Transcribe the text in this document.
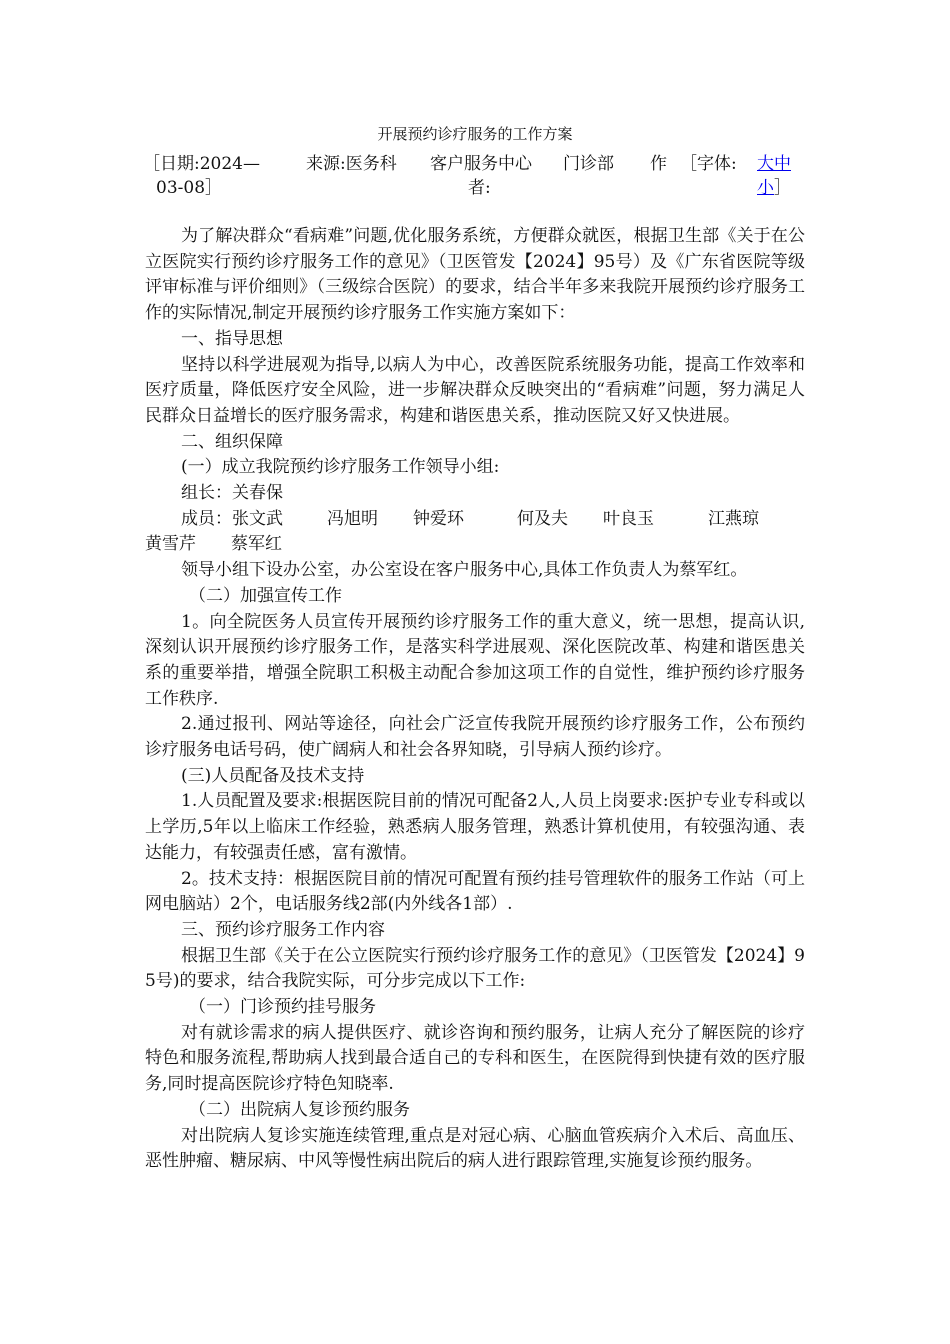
开展预约诊疗服务的工作方案
［日期:2024—
03-08］
来源:医务科 客户服务中心 门诊部 作
者:
［字体: 大中
小］

为了解决群众“看病难”问题,优化服务系统，方便群众就医，根据卫生部《关于在公立医院实行预约诊疗服务工作的意见》（卫医管发【2024】95号）及《广东省医院等级评审标准与评价细则》（三级综合医院）的要求，结合半年多来我院开展预约诊疗服务工作的实际情况,制定开展预约诊疗服务工作实施方案如下：

一、指导思想

坚持以科学进展观为指导,以病人为中心，改善医院系统服务功能，提高工作效率和医疗质量，降低医疗安全风险，进一步解决群众反映突出的“看病难”问题，努力满足人民群众日益增长的医疗服务需求，构建和谐医患关系，推动医院又好又快进展。

二、组织保障

(一）成立我院预约诊疗服务工作领导小组:

组长：关春保

成员：张文武	冯旭明 钟爱环	何及夫 叶良玉	江燕琼
黄雪芹 蔡军红

领导小组下设办公室，办公室设在客户服务中心,具体工作负责人为蔡军红。

（二）加强宣传工作

1。向全院医务人员宣传开展预约诊疗服务工作的重大意义，统一思想，提高认识,深刻认识开展预约诊疗服务工作，是落实科学进展观、深化医院改革、构建和谐医患关系的重要举措，增强全院职工积极主动配合参加这项工作的自觉性，维护预约诊疗服务工作秩序.

2.通过报刊、网站等途径，向社会广泛宣传我院开展预约诊疗服务工作，公布预约诊疗服务电话号码，使广阔病人和社会各界知晓，引导病人预约诊疗。

(三)人员配备及技术支持

1.人员配置及要求:根据医院目前的情况可配备2人,人员上岗要求:医护专业专科或以上学历,5年以上临床工作经验，熟悉病人服务管理，熟悉计算机使用，有较强沟通、表达能力，有较强责任感，富有激情。

2。技术支持：根据医院目前的情况可配置有预约挂号管理软件的服务工作站（可上网电脑站）2个，电话服务线2部(内外线各1部）.

三、预约诊疗服务工作内容

根据卫生部《关于在公立医院实行预约诊疗服务工作的意见》（卫医管发【2024】95号)的要求，结合我院实际，可分步完成以下工作:

（一）门诊预约挂号服务

对有就诊需求的病人提供医疗、就诊咨询和预约服务，让病人充分了解医院的诊疗特色和服务流程,帮助病人找到最合适自己的专科和医生，在医院得到快捷有效的医疗服务,同时提高医院诊疗特色知晓率.

（二）出院病人复诊预约服务

对出院病人复诊实施连续管理,重点是对冠心病、心脑血管疾病介入术后、高血压、恶性肿瘤、糖尿病、中风等慢性病出院后的病人进行跟踪管理,实施复诊预约服务。
